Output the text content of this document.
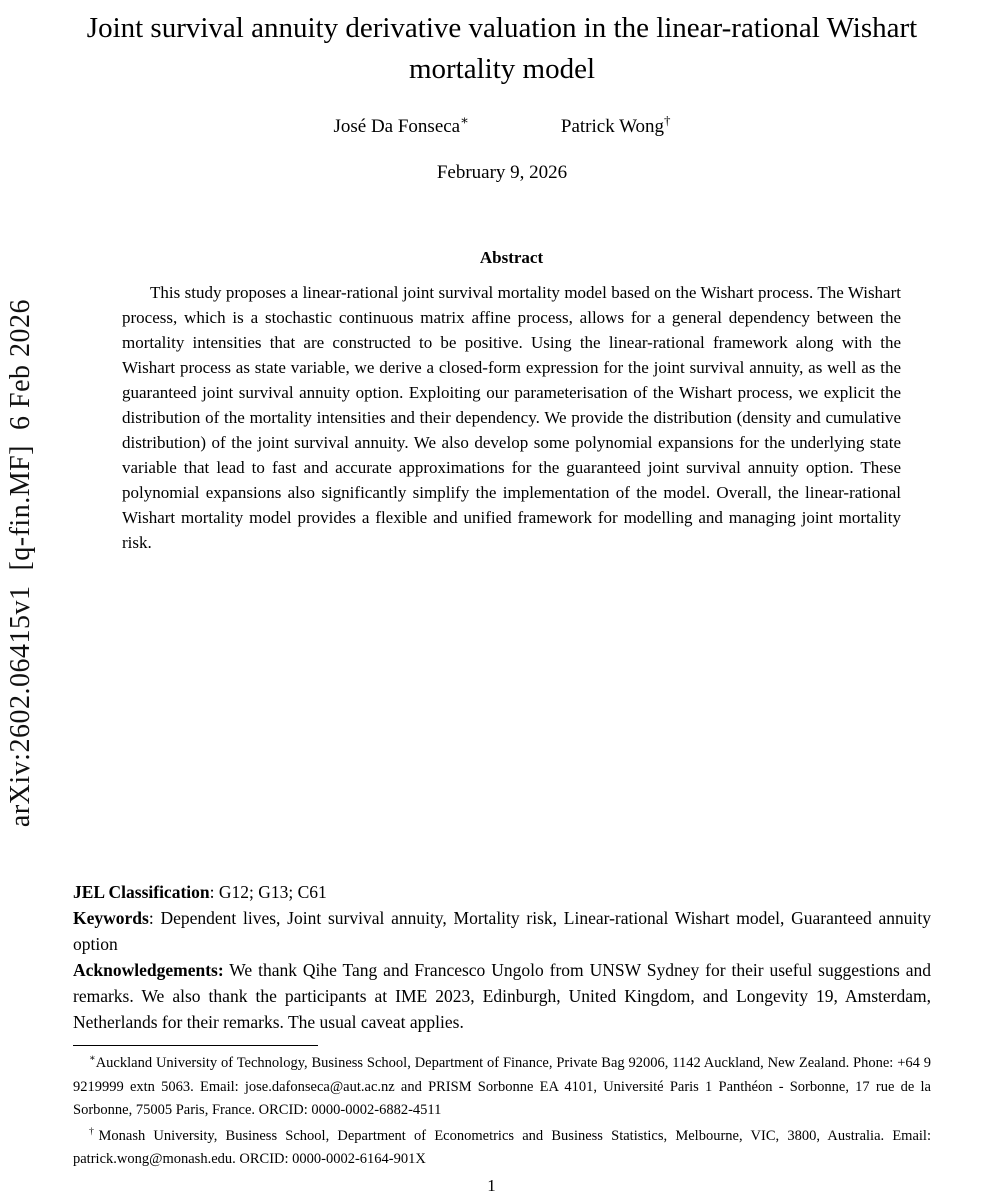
arXiv:2602.06415v1  [q-fin.MF]  6 Feb 2026
Joint survival annuity derivative valuation in the linear-rational Wishart mortality model
José Da Fonseca∗	Patrick Wong†
February 9, 2026
Abstract

This study proposes a linear-rational joint survival mortality model based on the Wishart process. The Wishart process, which is a stochastic continuous matrix affine process, allows for a general dependency between the mortality intensities that are constructed to be positive. Using the linear-rational framework along with the Wishart process as state variable, we derive a closed-form expression for the joint survival annuity, as well as the guaranteed joint survival annuity option. Exploiting our parameterisation of the Wishart process, we explicit the distribution of the mortality intensities and their dependency. We provide the distribution (density and cumulative distribution) of the joint survival annuity. We also develop some polynomial expansions for the underlying state variable that lead to fast and accurate approximations for the guaranteed joint survival annuity option. These polynomial expansions also significantly simplify the implementation of the model. Overall, the linear-rational Wishart mortality model provides a flexible and unified framework for modelling and managing joint mortality risk.

JEL Classification: G12; G13; C61

Keywords: Dependent lives, Joint survival annuity, Mortality risk, Linear-rational Wishart model, Guaranteed annuity option

Acknowledgements: We thank Qihe Tang and Francesco Ungolo from UNSW Sydney for their useful suggestions and remarks. We also thank the participants at IME 2023, Edinburgh, United Kingdom, and Longevity 19, Amsterdam, Netherlands for their remarks. The usual caveat applies.

∗Auckland University of Technology, Business School, Department of Finance, Private Bag 92006, 1142 Auckland, New Zealand. Phone: +64 9 9219999 extn 5063. Email: jose.dafonseca@aut.ac.nz and PRISM Sorbonne EA 4101, Université Paris 1 Panthéon - Sorbonne, 17 rue de la Sorbonne, 75005 Paris, France. ORCID: 0000-0002-6882-4511

†Monash University, Business School, Department of Econometrics and Business Statistics, Melbourne, VIC, 3800, Australia. Email: patrick.wong@monash.edu. ORCID: 0000-0002-6164-901X

1
